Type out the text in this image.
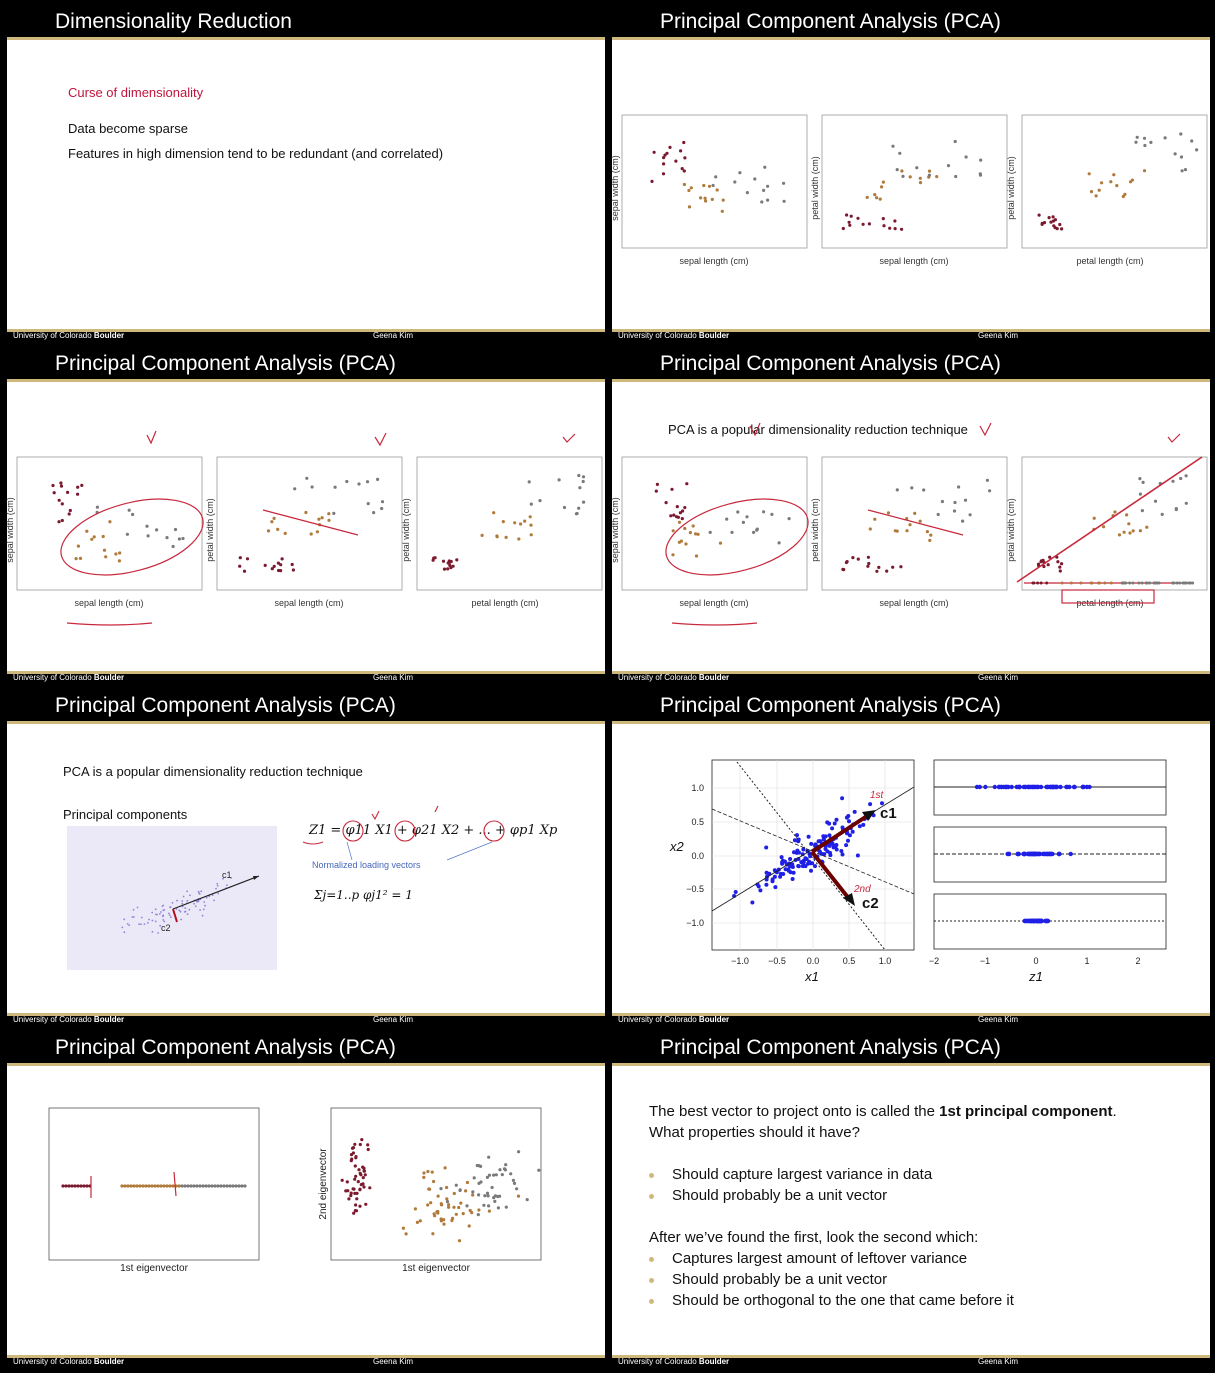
Dimensionality Reduction
Curse of dimensionality
Data become sparse
Features in high dimension tend to be redundant (and correlated)
University of Colorado Boulder	Geena Kim
Principal Component Analysis (PCA)
sepal length (cm)
sepal width (cm)
sepal length (cm)
petal width (cm)
petal length (cm)
petal width (cm)
University of Colorado Boulder	Geena Kim
Principal Component Analysis (PCA)
sepal length (cm)
sepal width (cm)
sepal length (cm)
petal width (cm)
petal length (cm)
petal width (cm)
University of Colorado Boulder	Geena Kim
Principal Component Analysis (PCA)
PCA is a popular dimensionality reduction technique
sepal length (cm)
sepal width (cm)
sepal length (cm)
petal width (cm)
petal length (cm)
petal width (cm)
University of Colorado Boulder	Geena Kim
Principal Component Analysis (PCA)
PCA is a popular dimensionality reduction technique
Principal components
c1
c2
Z1 = φ11 X1 + φ21 X2 + ... + φp1 Xp
Normalized loading vectors
Σj=1..p φj1² = 1
University of Colorado Boulder	Geena Kim
Principal Component Analysis (PCA)
c1
c2
1st
2nd
1.0
0.5
0.0
−0.5
−1.0
−1.0 −0.5 0.0	0.5	1.0
x2
x1
−2	−1	0	1	2
z1
University of Colorado Boulder	Geena Kim
Principal Component Analysis (PCA)
1st eigenvector	1st eigenvector
2nd eigenvector
University of Colorado Boulder	Geena Kim
Principal Component Analysis (PCA)
The best vector to project onto is called the 1st principal component.
What properties should it have?
Should capture largest variance in data
Should probably be a unit vector
After we’ve found the first, look the second which:
Captures largest amount of leftover variance
Should probably be a unit vector
Should be orthogonal to the one that came before it
University of Colorado Boulder	Geena Kim
